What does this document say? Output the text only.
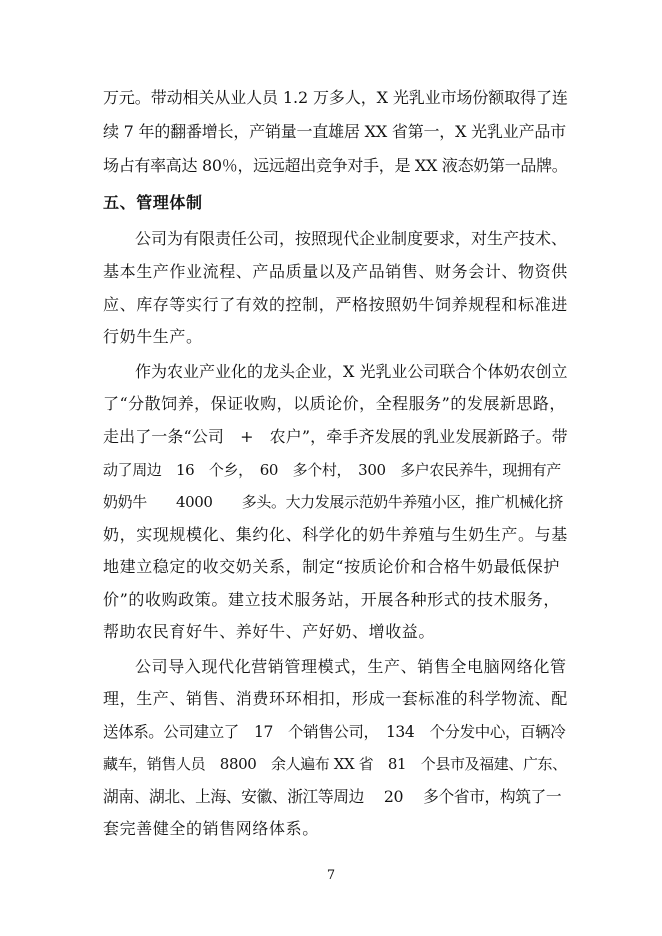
万元。带动相关从业人员 1.2 万多人，X 光乳业市场份额取得了连
续 7 年的翻番增长，产销量一直雄居 XX 省第一，X 光乳业产品市
场占有率高达 80％，远远超出竞争对手，是 XX 液态奶第一品牌。
五、管理体制
公司为有限责任公司，按照现代企业制度要求，对生产技术、
基本生产作业流程、产品质量以及产品销售、财务会计、物资供
应、库存等实行了有效的控制，严格按照奶牛饲养规程和标准进
行奶牛生产。
作为农业产业化的龙头企业，X 光乳业公司联合个体奶农创立
了“分散饲养，保证收购，以质论价，全程服务”的发展新思路，
走出了一条“公司　+　农户”，牵手齐发展的乳业发展新路子。带
动了周边　16　个乡，　60　多个村，　300　多户农民养牛，现拥有产
奶奶牛　　4000　　多头。大力发展示范奶牛养殖小区，推广机械化挤
奶，实现规模化、集约化、科学化的奶牛养殖与生奶生产。与基
地建立稳定的收交奶关系，制定“按质论价和合格牛奶最低保护
价”的收购政策。建立技术服务站，开展各种形式的技术服务，
帮助农民育好牛、养好牛、产好奶、增收益。
公司导入现代化营销管理模式，生产、销售全电脑网络化管
理，生产、销售、消费环环相扣，形成一套标准的科学物流、配
送体系。公司建立了　17　个销售公司，　134　个分发中心，百辆冷
藏车，销售人员　8800　余人遍布 XX 省　81　个县市及福建、广东、
湖南、湖北、上海、安徽、浙江等周边　 20　 多个省市，构筑了一
套完善健全的销售网络体系。
7
